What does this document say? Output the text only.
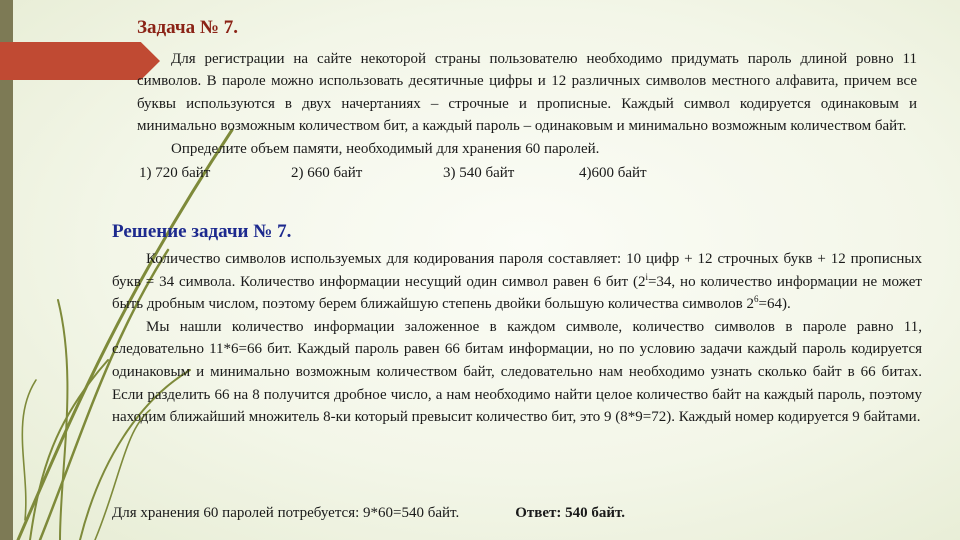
Задача № 7.

Для регистрации на сайте некоторой страны пользователю необходимо придумать пароль длиной ровно 11 символов. В пароле можно использовать десятичные цифры и 12 различных символов местного алфавита, причем все буквы используются в двух начертаниях – строчные и прописные. Каждый символ кодируется одинаковым и минимально возможным количеством бит, а каждый пароль – одинаковым и минимально возможным количеством байт.

Определите объем памяти, необходимый для хранения 60 паролей.

1) 720 байт	2) 660 байт	3) 540 байт	4)600 байт
Решение задачи № 7.

Количество символов используемых для кодирования пароля составляет: 10 цифр + 12 строчных букв + 12 прописных букв = 34 символа. Количество информации несущий один символ равен 6 бит ($2^i=34$, но количество информации не может быть дробным числом, поэтому берем ближайшую степень двойки большую количества символов $2^6=64$).

Мы нашли количество информации заложенное в каждом символе, количество символов в пароле равно 11, следовательно 11*6=66 бит. Каждый пароль равен 66 битам информации, но по условию задачи каждый пароль кодируется одинаковым и минимально возможным количеством байт, следовательно нам необходимо узнать сколько байт в 66 битах. Если разделить 66 на 8 получится дробное число, а нам необходимо найти целое количество байт на каждый пароль, поэтому находим ближайший множитель 8-ки который превысит количество бит, это 9 (8*9=72). Каждый номер кодируется 9 байтами.

Для хранения 60 паролей потребуется: 9*60=540 байт.	Ответ: 540 байт.
